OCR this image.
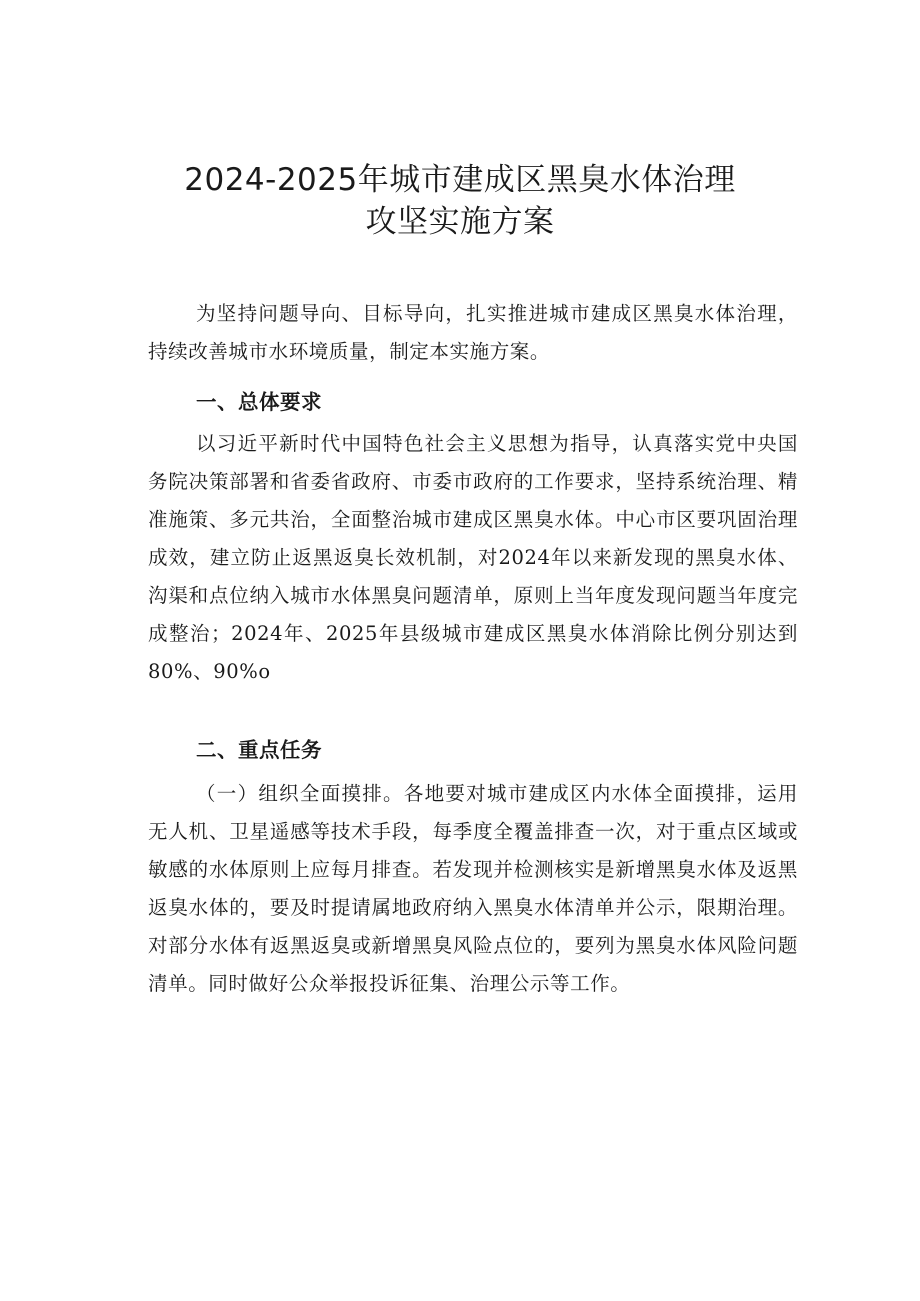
2024-2025年城市建成区黑臭水体治理
攻坚实施方案

为坚持问题导向、目标导向，扎实推进城市建成区黑臭水体治理，持续改善城市水环境质量，制定本实施方案。

一、总体要求

以习近平新时代中国特色社会主义思想为指导，认真落实党中央国务院决策部署和省委省政府、市委市政府的工作要求，坚持系统治理、精准施策、多元共治，全面整治城市建成区黑臭水体。中心市区要巩固治理成效，建立防止返黑返臭长效机制，对2024年以来新发现的黑臭水体、沟渠和点位纳入城市水体黑臭问题清单，原则上当年度发现问题当年度完成整治；2024年、2025年县级城市建成区黑臭水体消除比例分别达到80%、90%o

二、重点任务

（一）组织全面摸排。各地要对城市建成区内水体全面摸排，运用无人机、卫星遥感等技术手段，每季度全覆盖排查一次，对于重点区域或敏感的水体原则上应每月排查。若发现并检测核实是新增黑臭水体及返黑返臭水体的，要及时提请属地政府纳入黑臭水体清单并公示，限期治理。对部分水体有返黑返臭或新增黑臭风险点位的，要列为黑臭水体风险问题清单。同时做好公众举报投诉征集、治理公示等工作。
